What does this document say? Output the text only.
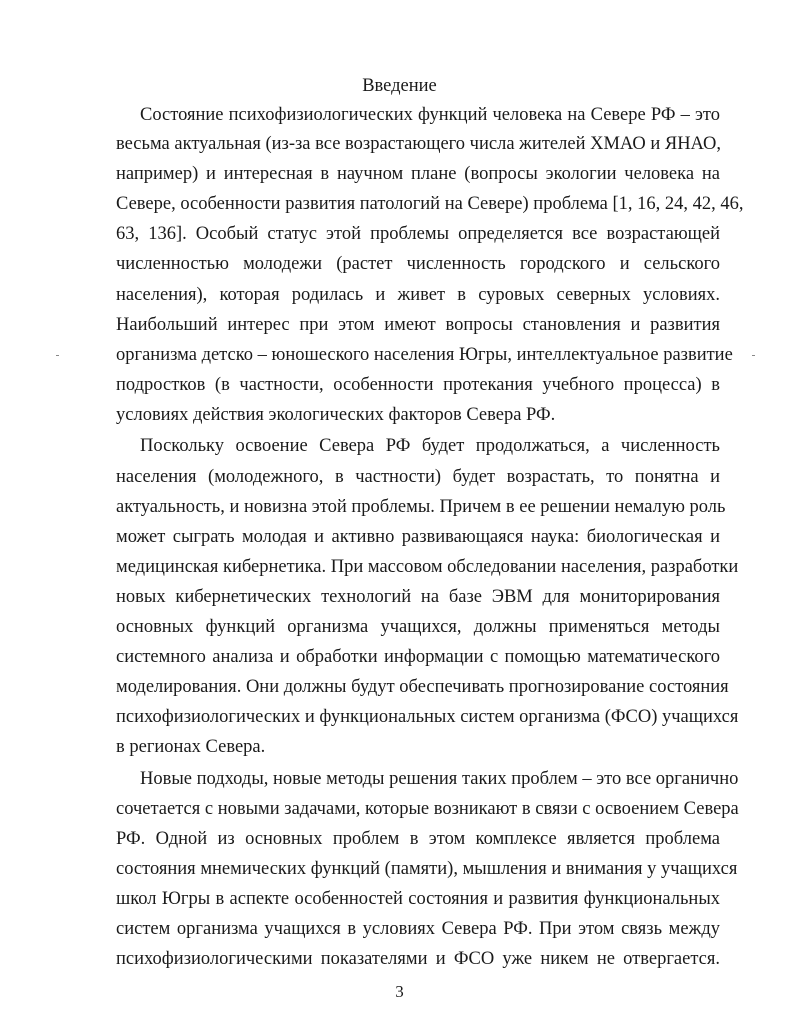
Введение
Состояние психофизиологических функций человека на Севере РФ – это
весьма актуальная (из-за все возрастающего числа жителей ХМАО и ЯНАО,
например) и интересная в научном плане (вопросы экологии человека на
Севере, особенности развития патологий на Севере) проблема [1, 16, 24, 42, 46,
63, 136]. Особый статус этой проблемы определяется все возрастающей
численностью молодежи (растет численность городского и сельского
населения), которая родилась и живет в суровых северных условиях.
Наибольший интерес при этом имеют вопросы становления и развития
организма детско – юношеского населения Югры, интеллектуальное развитие
подростков (в частности, особенности протекания учебного процесса) в
условиях действия экологических факторов Севера РФ.
Поскольку освоение Севера РФ будет продолжаться, а численность
населения (молодежного, в частности) будет возрастать, то понятна и
актуальность, и новизна этой проблемы. Причем в ее решении немалую роль
может сыграть молодая и активно развивающаяся наука: биологическая и
медицинская кибернетика. При массовом обследовании населения, разработки
новых кибернетических технологий на базе ЭВМ для мониторирования
основных функций организма учащихся, должны применяться методы
системного анализа и обработки информации с помощью математического
моделирования. Они должны будут обеспечивать прогнозирование состояния
психофизиологических и функциональных систем организма (ФСО) учащихся
в регионах Севера.
Новые подходы, новые методы решения таких проблем – это все органично
сочетается с новыми задачами, которые возникают в связи с освоением Севера
РФ. Одной из основных проблем в этом комплексе является проблема
состояния мнемических функций (памяти), мышления и внимания у учащихся
школ Югры в аспекте особенностей состояния и развития функциональных
систем организма учащихся в условиях Севера РФ. При этом связь между
психофизиологическими показателями и ФСО уже никем не отвергается.
3
